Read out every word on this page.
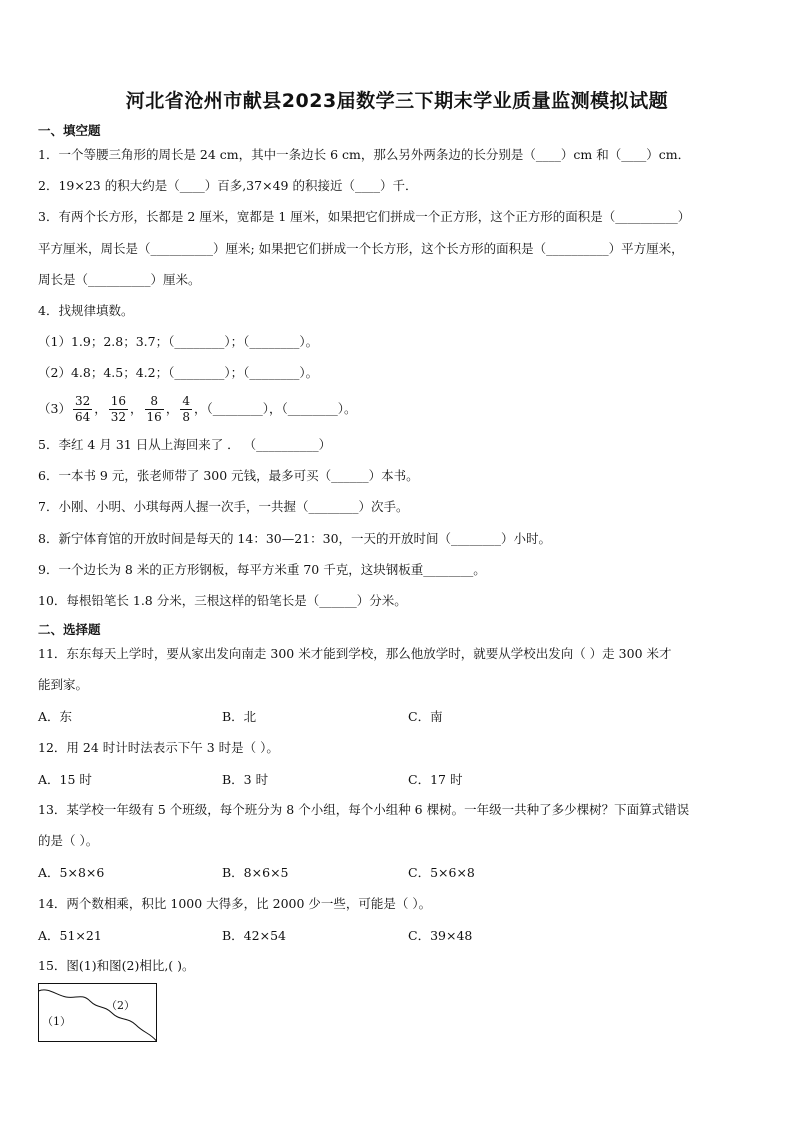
河北省沧州市献县2023届数学三下期末学业质量监测模拟试题
一、填空题
1．一个等腰三角形的周长是 24 cm，其中一条边长 6 cm，那么另外两条边的长分别是（____）cm 和（____）cm．
2．19×23 的积大约是（____）百多,37×49 的积接近（____）千．
3．有两个长方形，长都是 2 厘米，宽都是 1 厘米，如果把它们拼成一个正方形，这个正方形的面积是（__________）
平方厘米，周长是（__________）厘米; 如果把它们拼成一个长方形，这个长方形的面积是（__________）平方厘米，
周长是（__________）厘米。
4．找规律填数。
（1）1.9；2.8；3.7；（________）；（________）。
（2）4.8；4.5；4.2；（________）；（________）。
$(3) \frac{32}{64}$ ， $\frac{16}{32}$ ， $\frac{8}{16}$ ， $\frac{4}{8}$ ，（________），（________）。
5．李红 4 月 31 日从上海回来了 ． （__________）
6．一本书 9 元，张老师带了 300 元钱，最多可买（______）本书。
7．小刚、小明、小琪每两人握一次手，一共握（________）次手。
8．新宁体育馆的开放时间是每天的 14：30—21：30，一天的开放时间（________）小时。
9．一个边长为 8 米的正方形钢板，每平方米重 70 千克，这块钢板重________。
10．每根铅笔长 1.8 分米，三根这样的铅笔长是（______）分米。
二、选择题
11．东东每天上学时，要从家出发向南走 300 米才能到学校，那么他放学时，就要从学校出发向（ ）走 300 米才
能到家。
A．东	B．北	C．南
12．用 24 时计时法表示下午 3 时是（ ）。
A．15 时	B．3 时	C．17 时
13．某学校一年级有 5 个班级，每个班分为 8 个小组，每个小组种 6 棵树。一年级一共种了多少棵树？下面算式错误
的是（ ）。
A．5×8×6	B．8×6×5	C．5×6×8
14．两个数相乘，积比 1000 大得多，比 2000 少一些，可能是（ ）。
A．51×21	B．42×54	C．39×48
15．图(1)和图(2)相比,( )。
（1）
（2）
